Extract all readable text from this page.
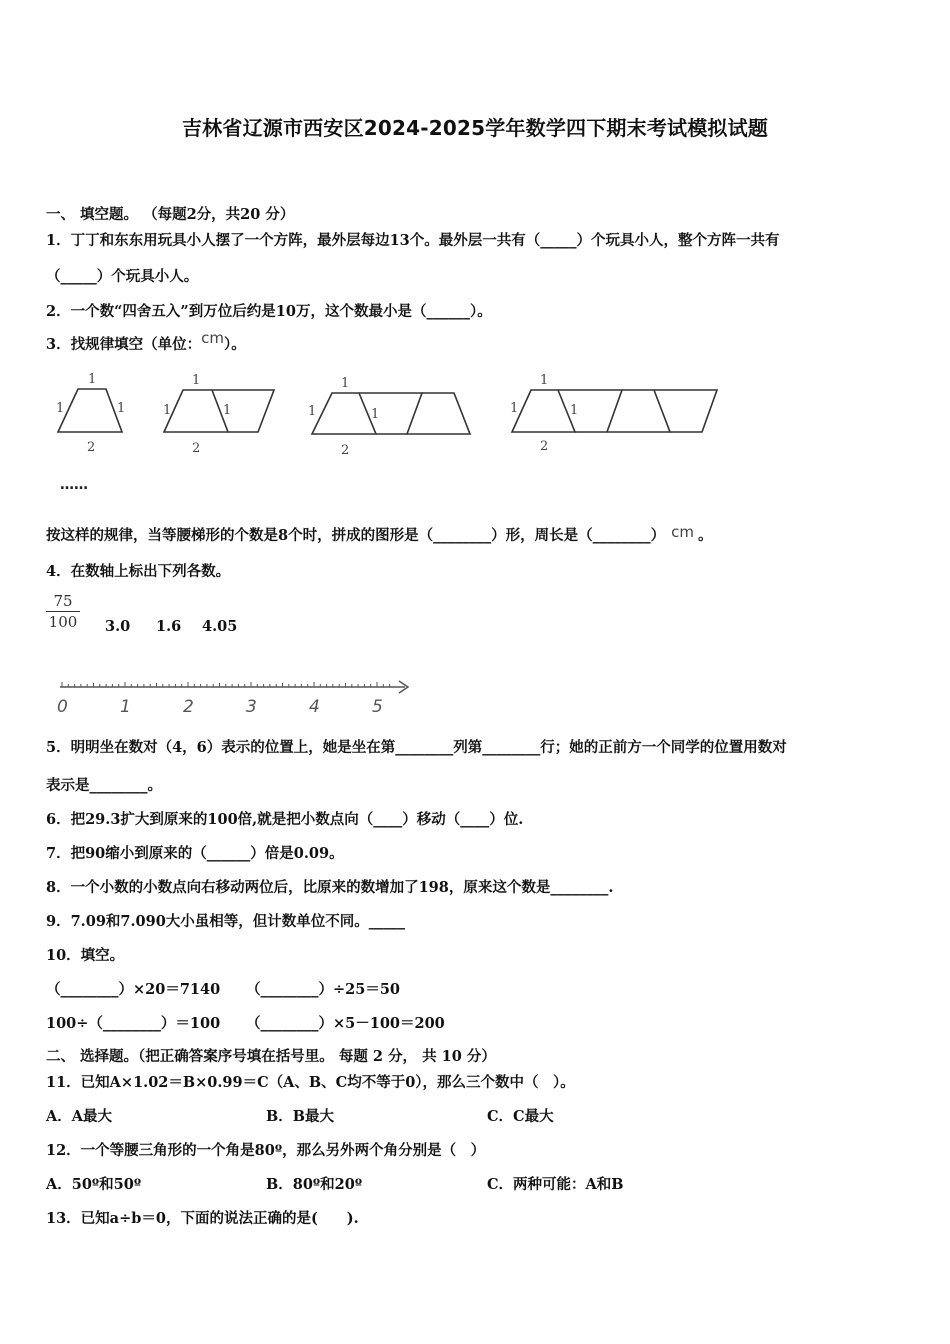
吉林省辽源市西安区2024-2025学年数学四下期末考试模拟试题
一、 填空题。 （每题2分，共20 分）
1．丁丁和东东用玩具小人摆了一个方阵，最外层每边13个。最外层一共有（_____）个玩具小人，整个方阵一共有
（_____）个玩具小人。
2．一个数“四舍五入”到万位后约是10万，这个数最小是（______）。
3．找规律填空（单位：cm）。
1
1	1
2
1
1	1
2
1
1	1
2
1
1	1
2
……
按这样的规律，当等腰梯形的个数是8个时，拼成的图形是（________）形，周长是（________） cm 。
4．在数轴上标出下列各数。
$\frac{75}{100} 3.0$ 1.6 4.05
0	1	2	3	4	5
5．明明坐在数对（4，6）表示的位置上，她是坐在第________列第________行；她的正前方一个同学的位置用数对
表示是________。
6．把29.3扩大到原来的100倍,就是把小数点向（____）移动（____）位.
7．把90缩小到原来的（______）倍是0.09。
8．一个小数的小数点向右移动两位后，比原来的数增加了198，原来这个数是________.
9．7.09和7.090大小虽相等，但计数单位不同。_____
10．填空。
（________）×20＝7140 （________）÷25＝50
100÷（________）＝100 （________）×5－100＝200
二、 选择题。（把正确答案序号填在括号里。 每题 2 分， 共 10 分）
11．已知A×1.02＝B×0.99＝C（A、B、C均不等于0），那么三个数中（　）。
A．A最大	B．B最大	C．C最大
12．一个等腰三角形的一个角是80º，那么另外两个角分别是（　）
A．50º和50º	B．80º和20º	C．两种可能：A和B
13．已知a÷b＝0，下面的说法正确的是(　　).
